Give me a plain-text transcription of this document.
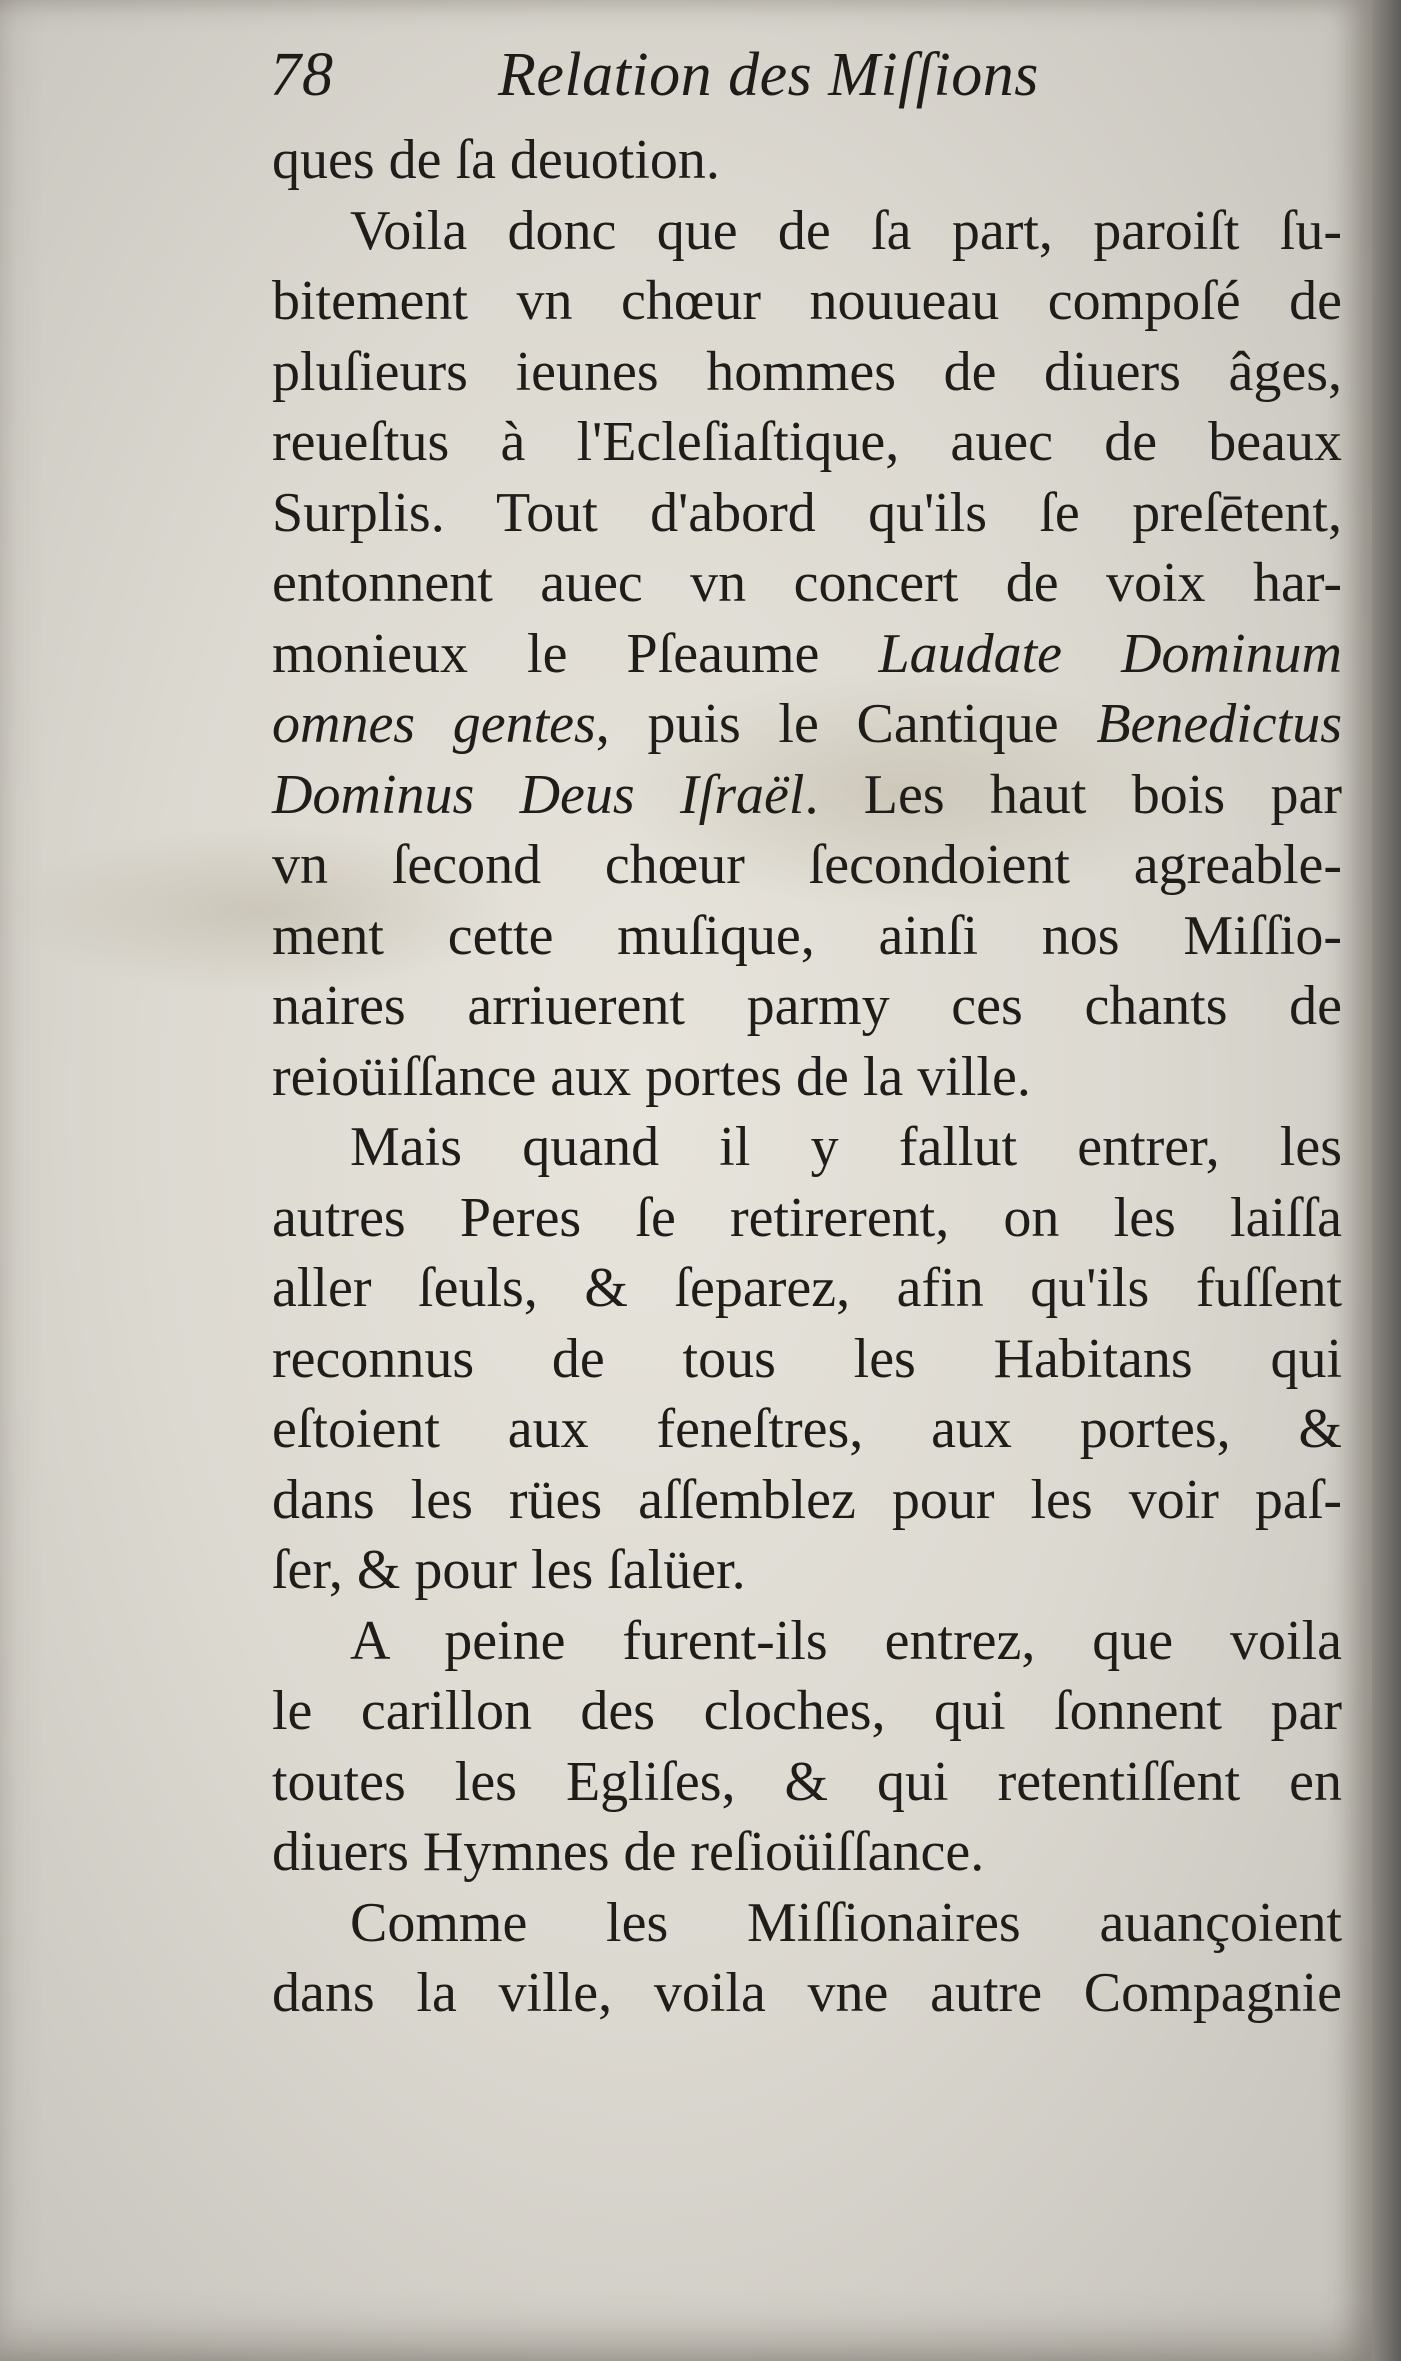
78	Relation des Miſſions
ques de ſa deuotion.
Voila donc que de ſa part, paroiſt ſu-
bitement vn chœur nouueau compoſé de
pluſieurs ieunes hommes de diuers âges,
reueſtus à l'Ecleſiaſtique, auec de beaux
Surplis. Tout d'abord qu'ils ſe preſētent,
entonnent auec vn concert de voix har-
monieux le Pſeaume Laudate Dominum
omnes gentes, puis le Cantique Benedictus
Dominus Deus Iſraël. Les haut bois par
vn ſecond chœur ſecondoient agreable-
ment cette muſique, ainſi nos Miſſio-
naires arriuerent parmy ces chants de
reioüiſſance aux portes de la ville.
Mais quand il y fallut entrer, les
autres Peres ſe retirerent, on les laiſſa
aller ſeuls, & ſeparez, afin qu'ils fuſſent
reconnus de tous les Habitans qui
eſtoient aux feneſtres, aux portes, &
dans les rües aſſemblez pour les voir paſ-
ſer, & pour les ſalüer.
A peine furent-ils entrez, que voila
le carillon des cloches, qui ſonnent par
toutes les Egliſes, & qui retentiſſent en
diuers Hymnes de reſioüiſſance.
Comme les Miſſionaires auançoient
dans la ville, voila vne autre Compagnie
